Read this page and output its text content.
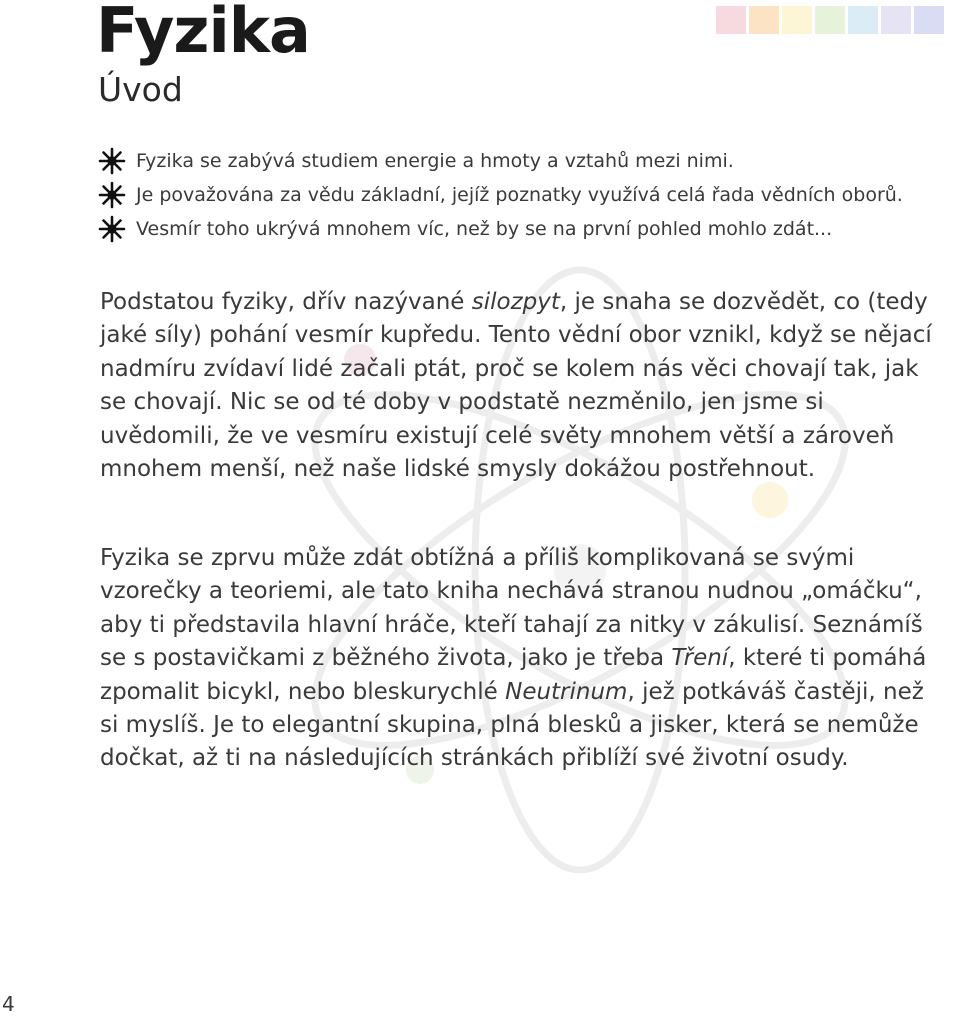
Fyzika
Úvod
Fyzika se zabývá studiem energie a hmoty a vztahů mezi nimi.
Je považována za vědu základní, jejíž poznatky využívá celá řada vědních oborů.
Vesmír toho ukrývá mnohem víc, než by se na první pohled mohlo zdát...

Podstatou fyziky, dřív nazývané silozpyt, je snaha se dozvědět, co (tedy jaké síly) pohání vesmír kupředu. Tento vědní obor vznikl, když se nějací nadmíru zvídaví lidé začali ptát, proč se kolem nás věci chovají tak, jak se chovají. Nic se od té doby v podstatě nezměnilo, jen jsme si uvědomili, že ve vesmíru existují celé světy mnohem větší a zároveň mnohem menší, než naše lidské smysly dokážou postřehnout.

Fyzika se zprvu může zdát obtížná a příliš komplikovaná se svými vzorečky a teoriemi, ale tato kniha nechává stranou nudnou „omáčku“, aby ti představila hlavní hráče, kteří tahají za nitky v zákulisí. Seznámíš se s postavičkami z běžného života, jako je třeba Tření, které ti pomáhá zpomalit bicykl, nebo bleskurychlé Neutrinum, jež potkáváš častěji, než si myslíš. Je to elegantní skupina, plná blesků a jisker, která se nemůže dočkat, až ti na následujících stránkách přiblíží své životní osudy.

4
